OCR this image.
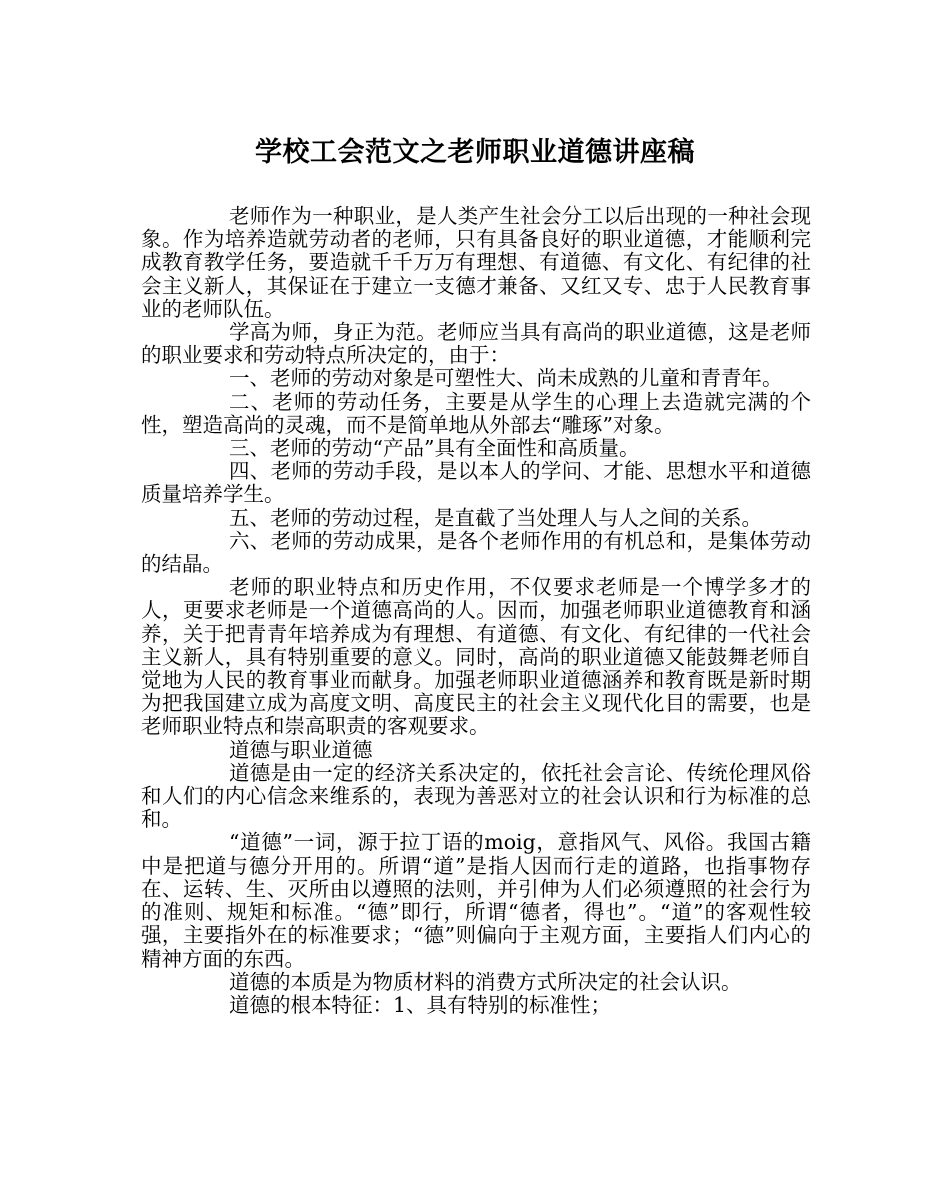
学校工会范文之老师职业道德讲座稿

老师作为一种职业，是人类产生社会分工以后出现的一种社会现象。作为培养造就劳动者的老师，只有具备良好的职业道德，才能顺利完成教育教学任务，要造就千千万万有理想、有道德、有文化、有纪律的社会主义新人，其保证在于建立一支德才兼备、又红又专、忠于人民教育事业的老师队伍。

学高为师，身正为范。老师应当具有高尚的职业道德，这是老师的职业要求和劳动特点所决定的，由于：

一、老师的劳动对象是可塑性大、尚未成熟的儿童和青青年。

二、老师的劳动任务，主要是从学生的心理上去造就完满的个性，塑造高尚的灵魂，而不是简单地从外部去“雕琢”对象。

三、老师的劳动“产品”具有全面性和高质量。

四、老师的劳动手段，是以本人的学问、才能、思想水平和道德质量培养学生。

五、老师的劳动过程，是直截了当处理人与人之间的关系。

六、老师的劳动成果，是各个老师作用的有机总和，是集体劳动的结晶。

老师的职业特点和历史作用，不仅要求老师是一个博学多才的人，更要求老师是一个道德高尚的人。因而，加强老师职业道德教育和涵养，关于把青青年培养成为有理想、有道德、有文化、有纪律的一代社会主义新人，具有特别重要的意义。同时，高尚的职业道德又能鼓舞老师自觉地为人民的教育事业而献身。加强老师职业道德涵养和教育既是新时期为把我国建立成为高度文明、高度民主的社会主义现代化目的需要，也是老师职业特点和崇高职责的客观要求。

道德与职业道德

道德是由一定的经济关系决定的，依托社会言论、传统伦理风俗和人们的内心信念来维系的，表现为善恶对立的社会认识和行为标准的总和。

“道德”一词，源于拉丁语的moig，意指风气、风俗。我国古籍中是把道与德分开用的。所谓“道”是指人因而行走的道路，也指事物存在、运转、生、灭所由以遵照的法则，并引伸为人们必须遵照的社会行为的准则、规矩和标准。“德”即行，所谓“德者，得也”。“道”的客观性较强，主要指外在的标准要求；“德”则偏向于主观方面，主要指人们内心的精神方面的东西。

道德的本质是为物质材料的消费方式所决定的社会认识。

道德的根本特征：1、具有特别的标准性；
